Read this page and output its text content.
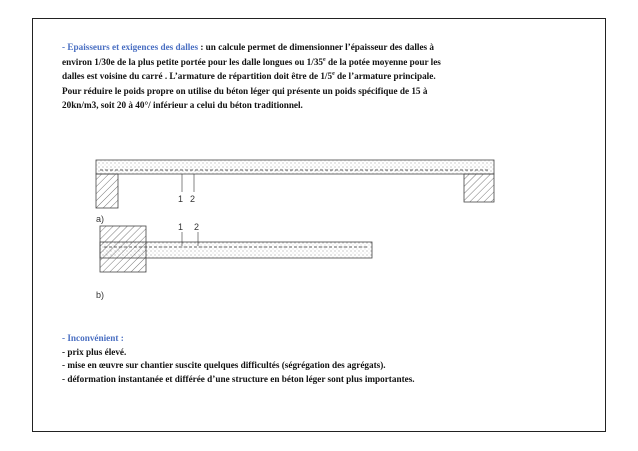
- Epaisseurs et exigences des dalles : un calcule permet de dimensionner l’épaisseur des dalles à

environ 1/30e de la plus petite portée pour les dalle longues ou 1/35e de la potée moyenne pour les

dalles est voisine du carré . L’armature de répartition doit être de 1/5e de l’armature principale.

Pour réduire le poids propre on utilise du béton léger qui présente un poids spécifique de 15 à

20kn/m3, soit 20 à 40°/ inférieur a celui du béton traditionnel.

1 2
a)
1 2
b)

- Inconvénient :

- prix plus élevé.

- mise en œuvre sur chantier suscite quelques difficultés (ségrégation des agrégats).

- déformation instantanée et différée d’une structure en béton léger sont plus importantes.
